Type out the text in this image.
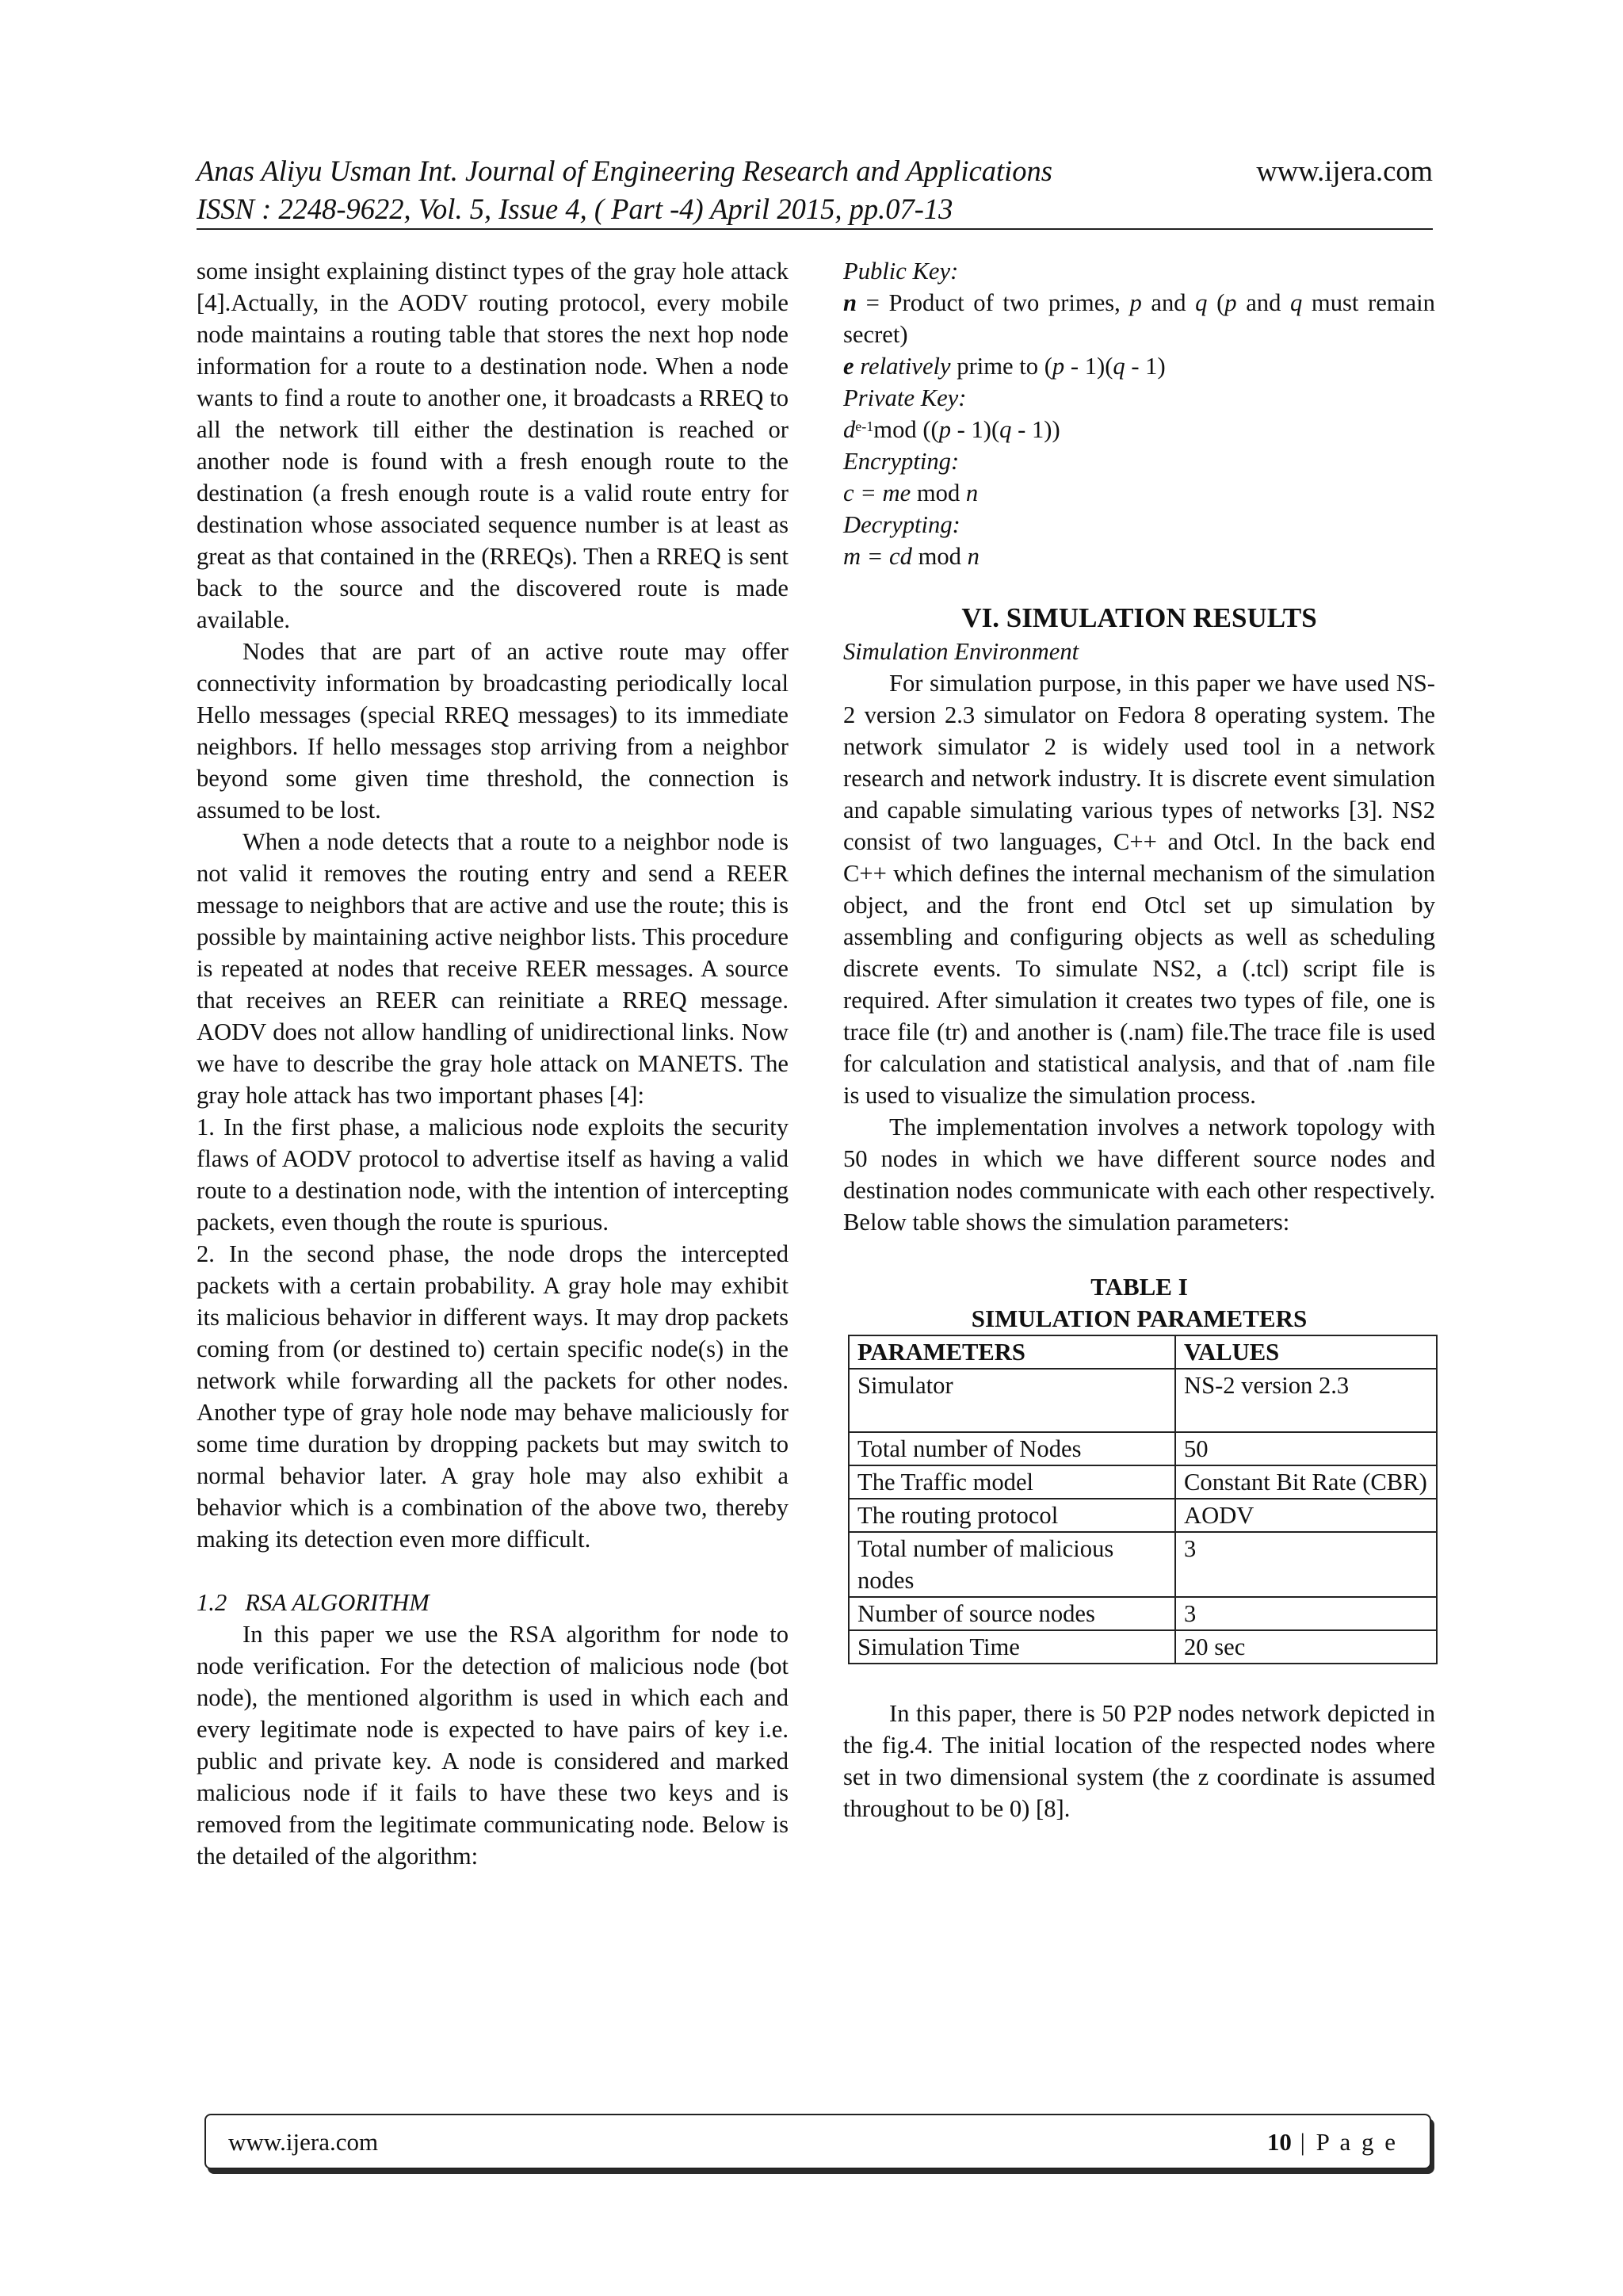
Anas Aliyu Usman Int. Journal of Engineering Research and Applications
ISSN : 2248-9622, Vol. 5, Issue 4, ( Part -4) April 2015, pp.07-13
www.ijera.com

some insight explaining distinct types of the gray hole attack [4].Actually, in the AODV routing protocol, every mobile node maintains a routing table that stores the next hop node information for a route to a destination node. When a node wants to find a route to another one, it broadcasts a RREQ to all the network till either the destination is reached or another node is found with a fresh enough route to the destination (a fresh enough route is a valid route entry for destination whose associated sequence number is at least as great as that contained in the (RREQs). Then a RREQ is sent back to the source and the discovered route is made available.

Nodes that are part of an active route may offer connectivity information by broadcasting periodically local Hello messages (special RREQ messages) to its immediate neighbors. If hello messages stop arriving from a neighbor beyond some given time threshold, the connection is assumed to be lost.

When a node detects that a route to a neighbor node is not valid it removes the routing entry and send a REER message to neighbors that are active and use the route; this is possible by maintaining active neighbor lists. This procedure is repeated at nodes that receive REER messages. A source that receives an REER can reinitiate a RREQ message. AODV does not allow handling of unidirectional links. Now we have to describe the gray hole attack on MANETS. The gray hole attack has two important phases [4]:

1. In the first phase, a malicious node exploits the security flaws of AODV protocol to advertise itself as having a valid route to a destination node, with the intention of intercepting packets, even though the route is spurious.

2. In the second phase, the node drops the intercepted packets with a certain probability. A gray hole may exhibit its malicious behavior in different ways. It may drop packets coming from (or destined to) certain specific node(s) in the network while forwarding all the packets for other nodes. Another type of gray hole node may behave maliciously for some time duration by dropping packets but may switch to normal behavior later. A gray hole may also exhibit a behavior which is a combination of the above two, thereby making its detection even more difficult.

1.2   RSA ALGORITHM

In this paper we use the RSA algorithm for node to node verification. For the detection of malicious node (bot node), the mentioned algorithm is used in which each and every legitimate node is expected to have pairs of key i.e. public and private key. A node is considered and marked malicious node if it fails to have these two keys and is removed from the legitimate communicating node. Below is the detailed of the algorithm:

Public Key:

n = Product of two primes, p and q (p and q must remain secret)

e relatively prime to (p - 1)(q - 1)

Private Key:

$d^{e-1}mod$ ((p - 1)(q - 1))

Encrypting:

c = me mod n

Decrypting:

m = cd mod n

VI. SIMULATION RESULTS

Simulation Environment

For simulation purpose, in this paper we have used NS-2 version 2.3 simulator on Fedora 8 operating system. The network simulator 2 is widely used tool in a network research and network industry. It is discrete event simulation and capable simulating various types of networks [3]. NS2 consist of two languages, C++ and Otcl. In the back end C++ which defines the internal mechanism of the simulation object, and the front end Otcl set up simulation by assembling and configuring objects as well as scheduling discrete events. To simulate NS2, a (.tcl) script file is required. After simulation it creates two types of file, one is trace file (tr) and another is (.nam) file.The trace file is used for calculation and statistical analysis, and that of .nam file is used to visualize the simulation process.

The implementation involves a network topology with 50 nodes in which we have different source nodes and destination nodes communicate with each other respectively. Below table shows the simulation parameters:

TABLE I
SIMULATION PARAMETERS
PARAMETERS	VALUES
Simulator	NS-2 version 2.3
Total number of Nodes	50
The Traffic model	Constant Bit Rate (CBR)
The routing protocol	AODV
Total number of malicious nodes	3
Number of source nodes	3
Simulation Time	20 sec

In this paper, there is 50 P2P nodes network depicted in the fig.4. The initial location of the respected nodes where set in two dimensional system (the z coordinate is assumed throughout to be 0) [8].

www.ijera.com	10 | P a g e
